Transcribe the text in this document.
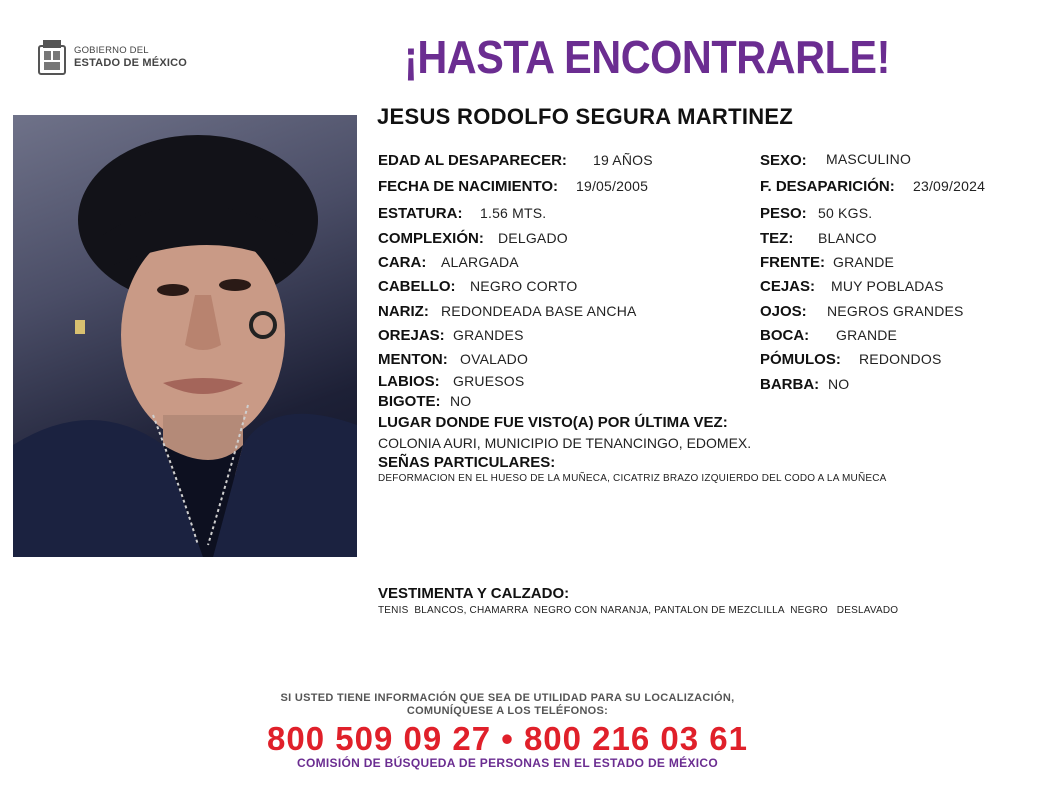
GOBIERNO DEL
ESTADO DE MÉXICO	¡HASTA ENCONTRARLE!
JESUS RODOLFO SEGURA MARTINEZ
EDAD AL DESAPARECER: 19 AÑOS
FECHA DE NACIMIENTO: 19/05/2005
ESTATURA: 1.56 MTS.
COMPLEXIÓN: DELGADO
CARA: ALARGADA
CABELLO: NEGRO CORTO
NARIZ: REDONDEADA BASE ANCHA
OREJAS: GRANDES
MENTON: OVALADO
LABIOS: GRUESOS
BIGOTE: NO
SEXO: MASCULINO
F. DESAPARICIÓN: 23/09/2024
PESO: 50 KGS.
TEZ: BLANCO
FRENTE: GRANDE
CEJAS: MUY POBLADAS
OJOS: NEGROS GRANDES
BOCA: GRANDE
PÓMULOS: REDONDOS
BARBA: NO
LUGAR DONDE FUE VISTO(A) POR ÚLTIMA VEZ:
COLONIA AURI, MUNICIPIO DE TENANCINGO, EDOMEX.
SEÑAS PARTICULARES:
DEFORMACION EN EL HUESO DE LA MUÑECA, CICATRIZ BRAZO IZQUIERDO DEL CODO A LA MUÑECA
VESTIMENTA Y CALZADO:
TENIS  BLANCOS, CHAMARRA  NEGRO CON NARANJA, PANTALON DE MEZCLILLA  NEGRO   DESLAVADO
SI USTED TIENE INFORMACIÓN QUE SEA DE UTILIDAD PARA SU LOCALIZACIÓN,
COMUNÍQUESE A LOS TELÉFONOS:
800 509 09 27 • 800 216 03 61
COMISIÓN DE BÚSQUEDA DE PERSONAS EN EL ESTADO DE MÉXICO
